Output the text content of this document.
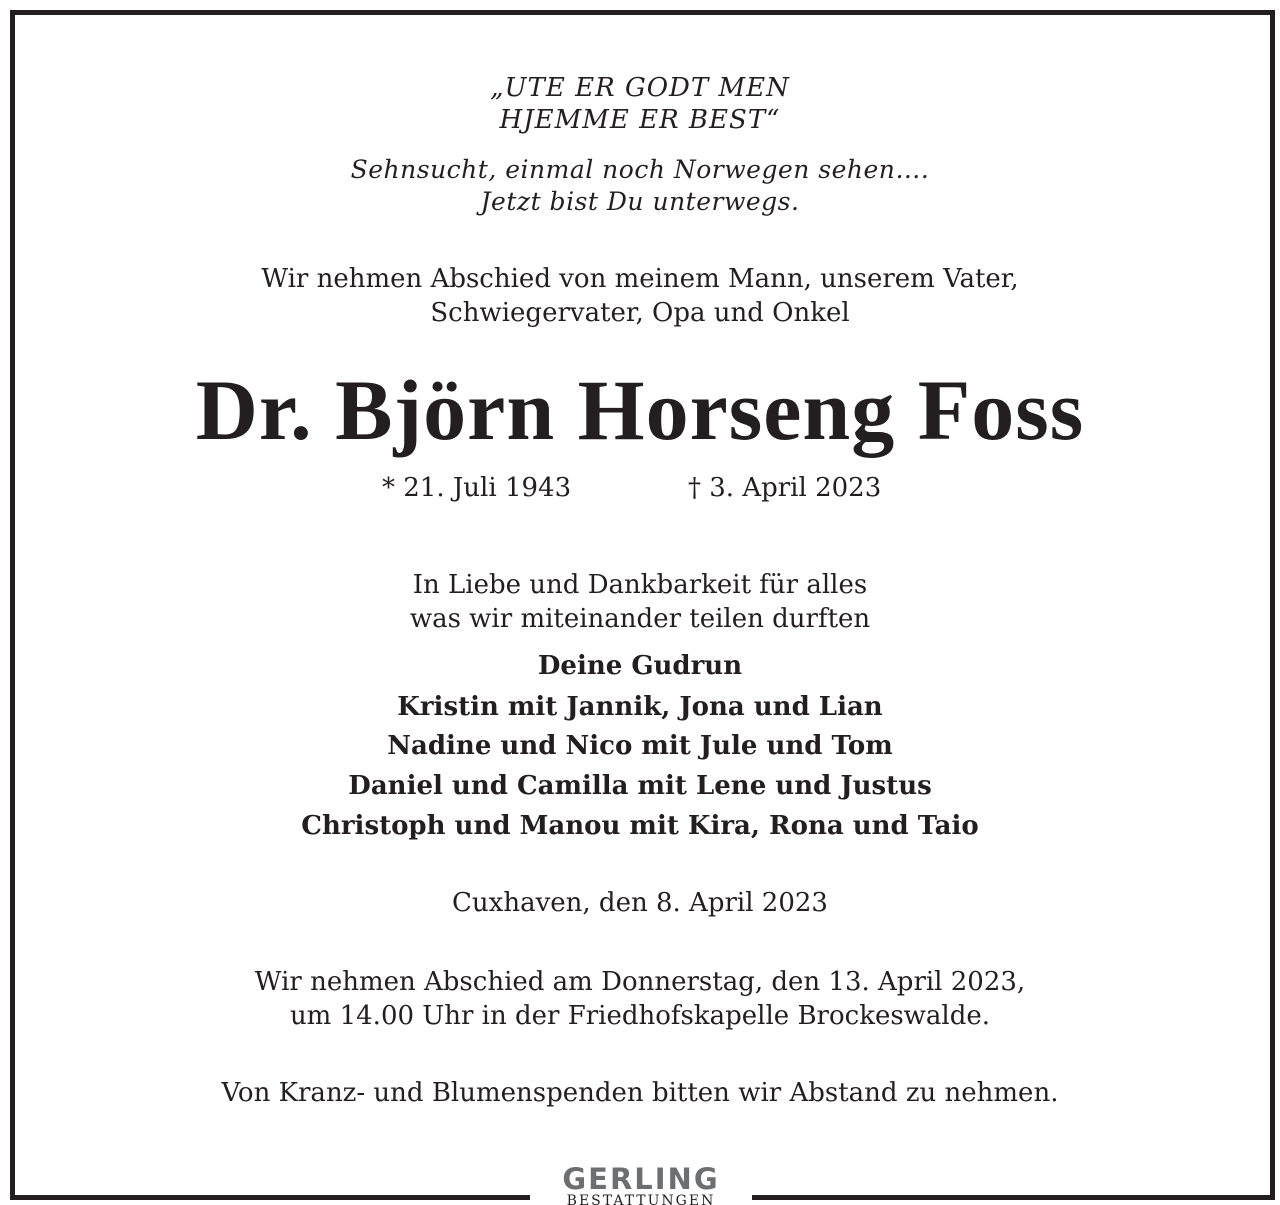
„UTE ER GODT MEN

HJEMME ER BEST“

Sehnsucht, einmal noch Norwegen sehen….

Jetzt bist Du unterwegs.

Wir nehmen Abschied von meinem Mann, unserem Vater,

Schwiegervater, Opa und Onkel

Dr. Björn Horseng Foss
* 21. Juli 1943	† 3. April 2023

In Liebe und Dankbarkeit für alles

was wir miteinander teilen durften

Deine Gudrun

Kristin mit Jannik, Jona und Lian

Nadine und Nico mit Jule und Tom

Daniel und Camilla mit Lene und Justus

Christoph und Manou mit Kira, Rona und Taio

Cuxhaven, den 8. April 2023

Wir nehmen Abschied am Donnerstag, den 13. April 2023,

um 14.00 Uhr in der Friedhofskapelle Brockeswalde.

Von Kranz- und Blumenspenden bitten wir Abstand zu nehmen.

GERLING
BESTATTUNGEN
